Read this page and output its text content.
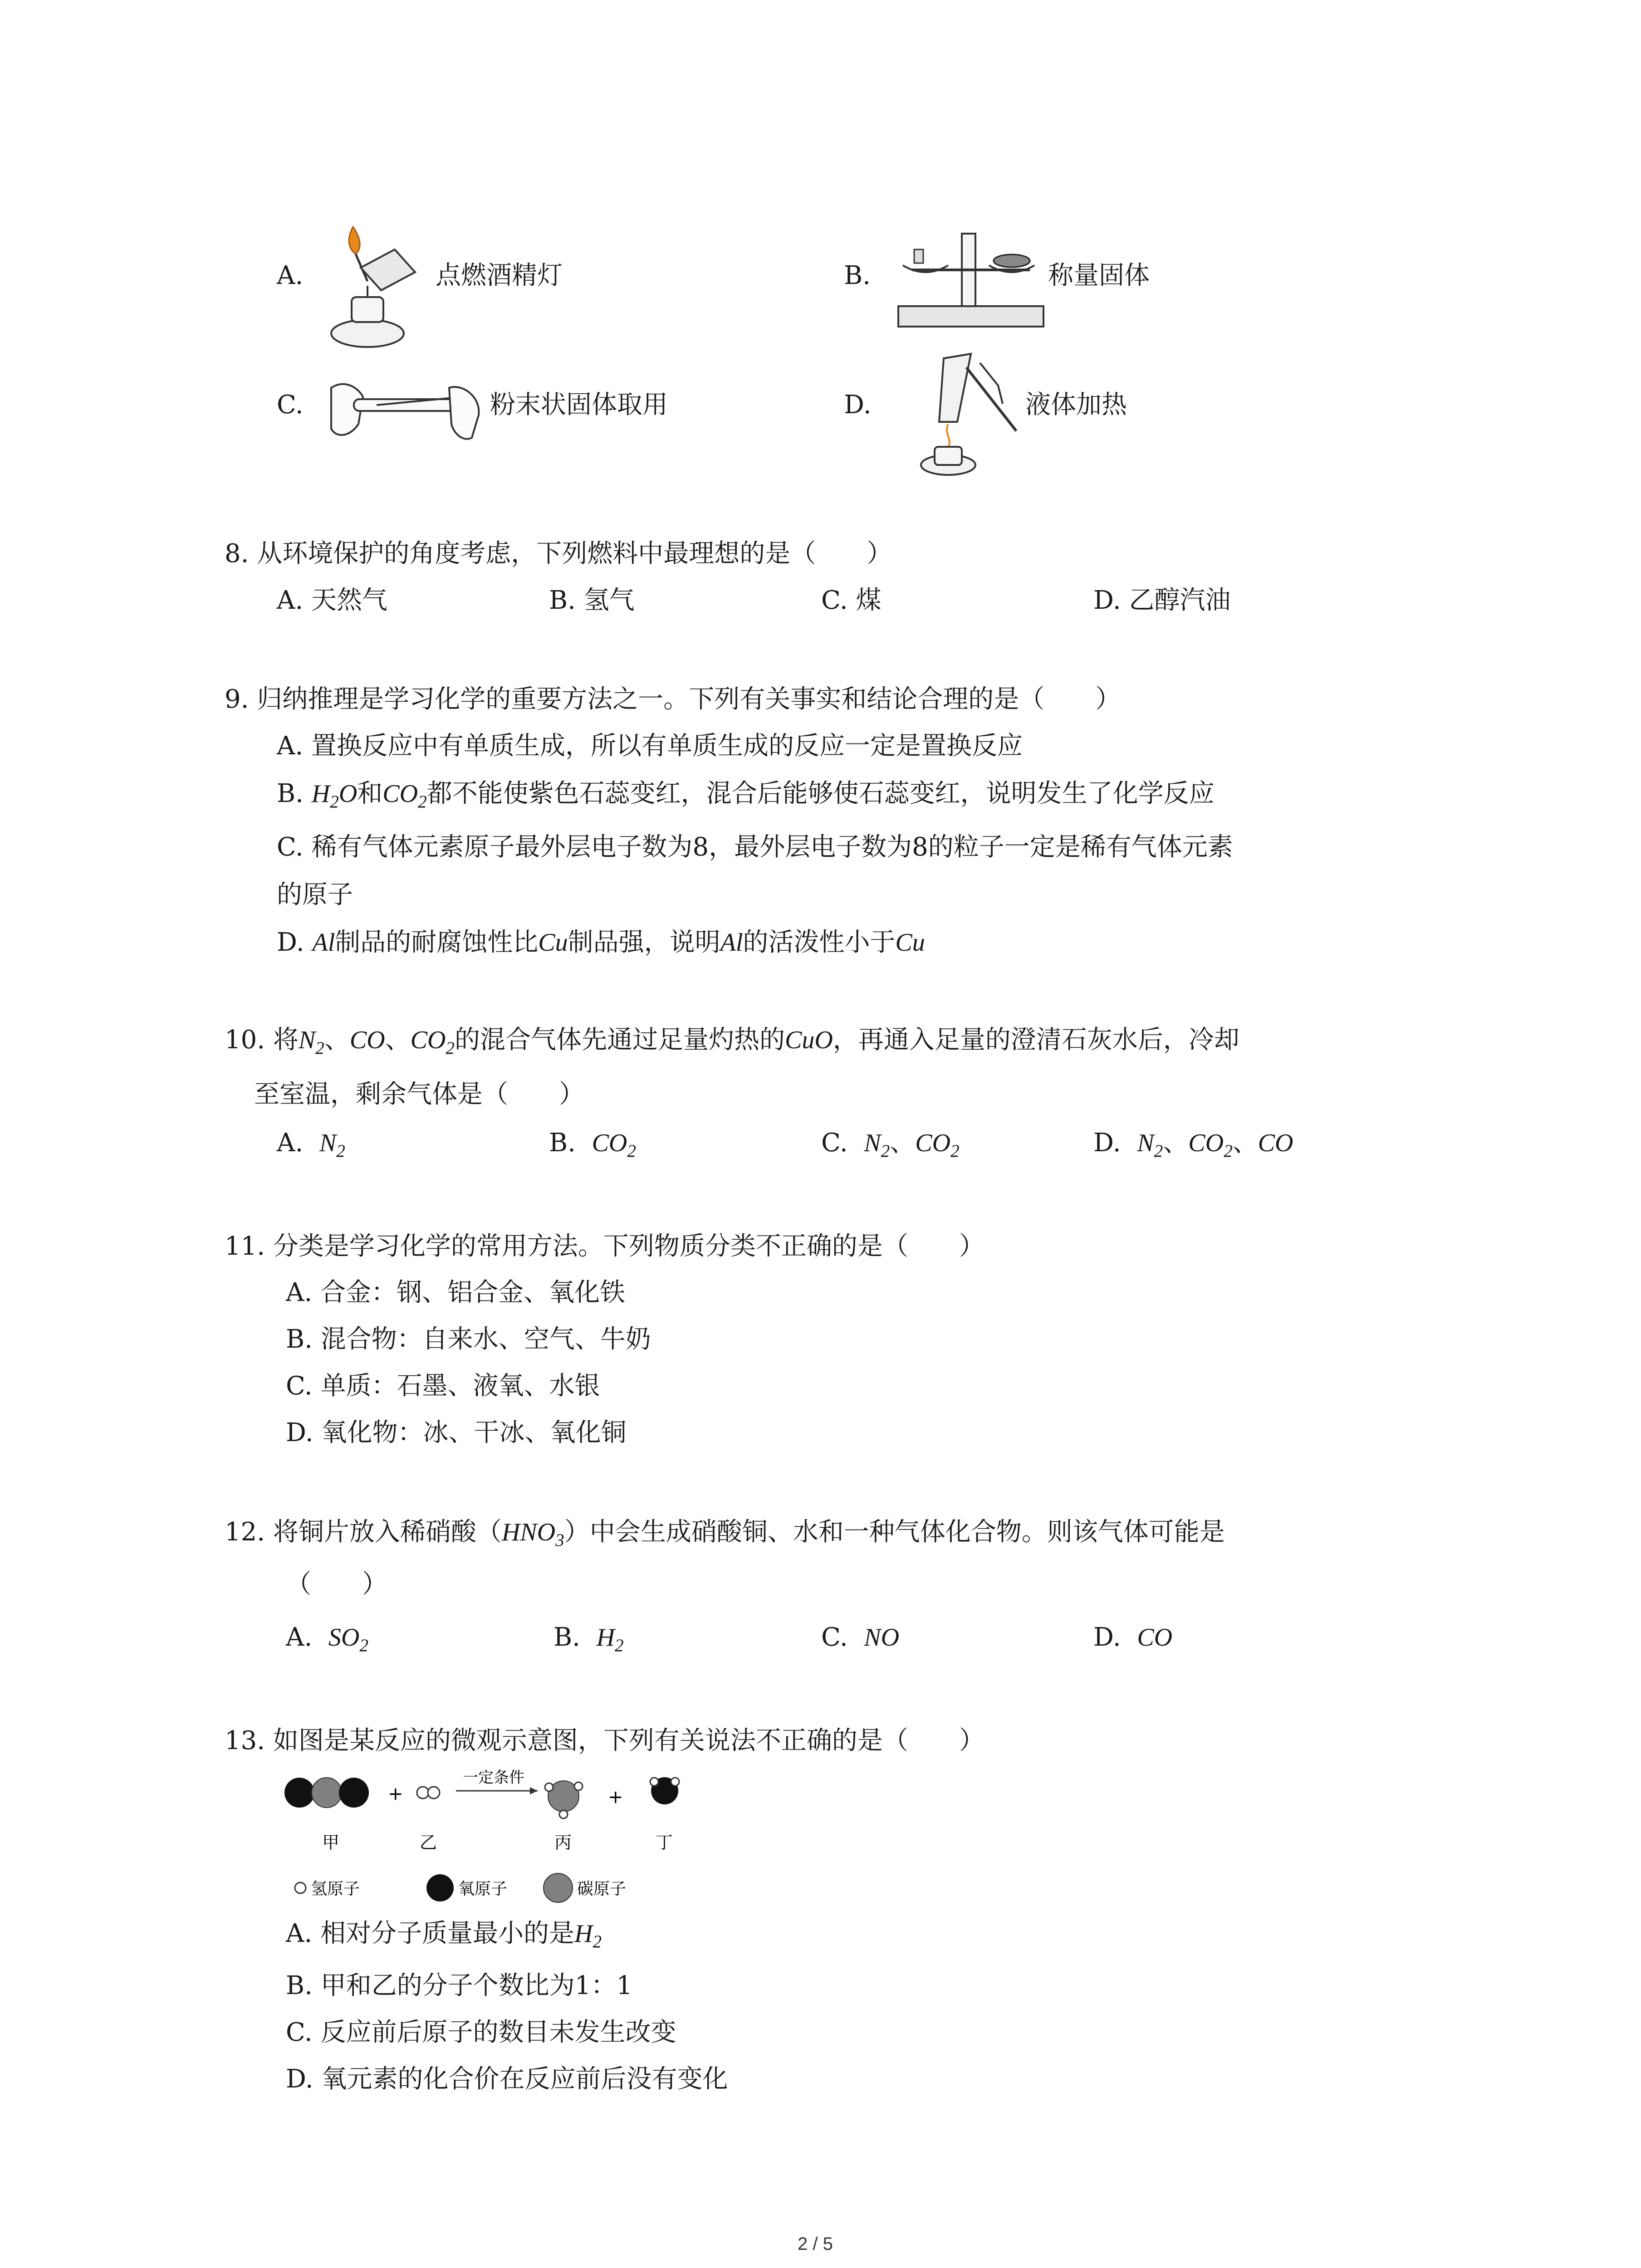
A.	点燃酒精灯	B.	称量固体
C.	粉末状固体取用	D.	液体加热
8. 从环境保护的角度考虑，下列燃料中最理想的是（　　）
A. 天然气	B. 氢气	C. 煤	D. 乙醇汽油
9. 归纳推理是学习化学的重要方法之一。下列有关事实和结论合理的是（　　）
A. 置换反应中有单质生成，所以有单质生成的反应一定是置换反应
B. $H_2O$和$CO_2$都不能使紫色石蕊变红，混合后能够使石蕊变红，说明发生了化学反应
C. 稀有气体元素原子最外层电子数为8，最外层电子数为8的粒子一定是稀有气体元素
的原子
D. Al制品的耐腐蚀性比Cu制品强，说明Al的活泼性小于Cu
10. 将$N_2$、CO、$CO_2$的混合气体先通过足量灼热的CuO，再通入足量的澄清石灰水后，冷却
至室温，剩余气体是（　　）
A. $N_2$	B. $CO_2$	C. $N_2$、$CO_2$	D. $N_2$、$CO_2$、CO
11. 分类是学习化学的常用方法。下列物质分类不正确的是（　　）
A. 合金：钢、铝合金、氧化铁
B. 混合物：自来水、空气、牛奶
C. 单质：石墨、液氧、水银
D. 氧化物：冰、干冰、氧化铜
12. 将铜片放入稀硝酸$(HNO_3)$中会生成硝酸铜、水和一种气体化合物。则该气体可能是
（　　）
A. $SO_2$	B. $H_2$	C. NO	D. CO
13. 如图是某反应的微观示意图，下列有关说法不正确的是（　　）
+
一定条件
+
甲	乙	丙	丁
氢原子	氧原子	碳原子
A. 相对分子质量最小的是$H_2$
B. 甲和乙的分子个数比为1：1
C. 反应前后原子的数目未发生改变
D. 氧元素的化合价在反应前后没有变化
2 / 5
